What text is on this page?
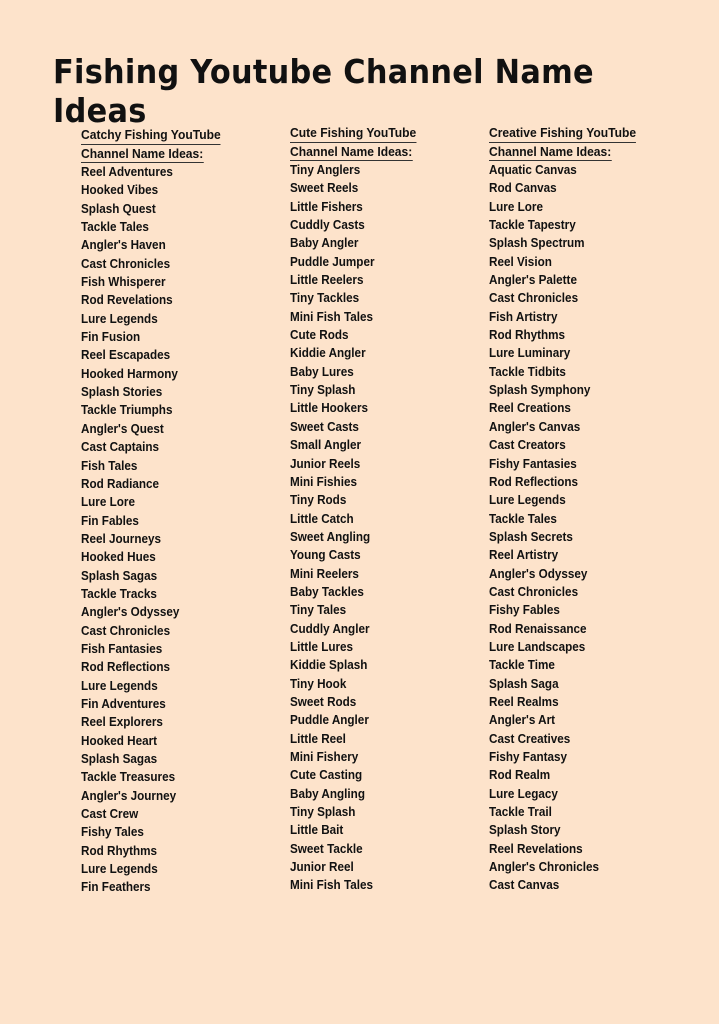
Fishing Youtube Channel Name Ideas
Catchy Fishing YouTube
Channel Name Ideas:
Reel Adventures
Hooked Vibes
Splash Quest
Tackle Tales
Angler's Haven
Cast Chronicles
Fish Whisperer
Rod Revelations
Lure Legends
Fin Fusion
Reel Escapades
Hooked Harmony
Splash Stories
Tackle Triumphs
Angler's Quest
Cast Captains
Fish Tales
Rod Radiance
Lure Lore
Fin Fables
Reel Journeys
Hooked Hues
Splash Sagas
Tackle Tracks
Angler's Odyssey
Cast Chronicles
Fish Fantasies
Rod Reflections
Lure Legends
Fin Adventures
Reel Explorers
Hooked Heart
Splash Sagas
Tackle Treasures
Angler's Journey
Cast Crew
Fishy Tales
Rod Rhythms
Lure Legends
Fin Feathers
Cute Fishing YouTube
Channel Name Ideas:
Tiny Anglers
Sweet Reels
Little Fishers
Cuddly Casts
Baby Angler
Puddle Jumper
Little Reelers
Tiny Tackles
Mini Fish Tales
Cute Rods
Kiddie Angler
Baby Lures
Tiny Splash
Little Hookers
Sweet Casts
Small Angler
Junior Reels
Mini Fishies
Tiny Rods
Little Catch
Sweet Angling
Young Casts
Mini Reelers
Baby Tackles
Tiny Tales
Cuddly Angler
Little Lures
Kiddie Splash
Tiny Hook
Sweet Rods
Puddle Angler
Little Reel
Mini Fishery
Cute Casting
Baby Angling
Tiny Splash
Little Bait
Sweet Tackle
Junior Reel
Mini Fish Tales
Creative Fishing YouTube
Channel Name Ideas:
Aquatic Canvas
Rod Canvas
Lure Lore
Tackle Tapestry
Splash Spectrum
Reel Vision
Angler's Palette
Cast Chronicles
Fish Artistry
Rod Rhythms
Lure Luminary
Tackle Tidbits
Splash Symphony
Reel Creations
Angler's Canvas
Cast Creators
Fishy Fantasies
Rod Reflections
Lure Legends
Tackle Tales
Splash Secrets
Reel Artistry
Angler's Odyssey
Cast Chronicles
Fishy Fables
Rod Renaissance
Lure Landscapes
Tackle Time
Splash Saga
Reel Realms
Angler's Art
Cast Creatives
Fishy Fantasy
Rod Realm
Lure Legacy
Tackle Trail
Splash Story
Reel Revelations
Angler's Chronicles
Cast Canvas
